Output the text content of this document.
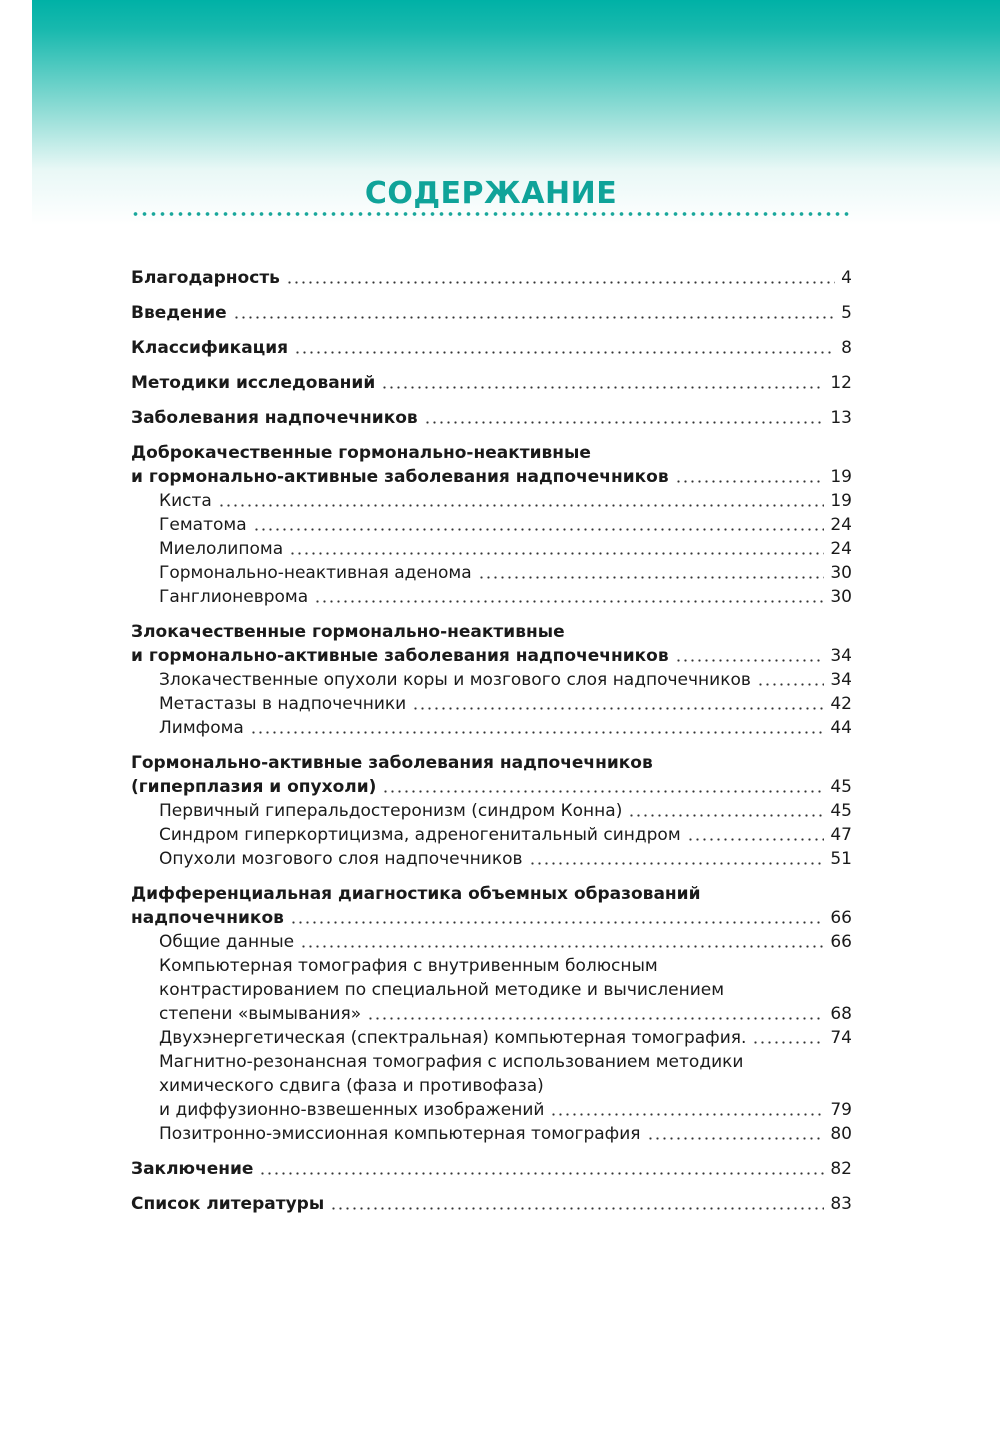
СОДЕРЖАНИЕ
Благодарность	4
Введение	5
Классификация	8
Методики исследований	12
Заболевания надпочечников	13
Доброкачественные гормонально-неактивные
и гормонально-активные заболевания надпочечников	19
Киста	19
Гематома	24
Миелолипома	24
Гормонально-неактивная аденома	30
Ганглионеврома	30
Злокачественные гормонально-неактивные
и гормонально-активные заболевания надпочечников	34
Злокачественные опухоли коры и мозгового слоя надпочечников	34
Метастазы в надпочечники	42
Лимфома	44
Гормонально-активные заболевания надпочечников
(гиперплазия и опухоли)	45
Первичный гиперальдостеронизм (синдром Конна)	45
Синдром гиперкортицизма, адреногенитальный синдром	47
Опухоли мозгового слоя надпочечников	51
Дифференциальная диагностика объемных образований
надпочечников	66
Общие данные	66
Компьютерная томография с внутривенным болюсным
контрастированием по специальной методике и вычислением
степени «вымывания»	68
Двухэнергетическая (спектральная) компьютерная томография.	74
Магнитно-резонансная томография с использованием методики
химического сдвига (фаза и противофаза)
и диффузионно-взвешенных изображений	79
Позитронно-эмиссионная компьютерная томография	80
Заключение	82
Список литературы	83
